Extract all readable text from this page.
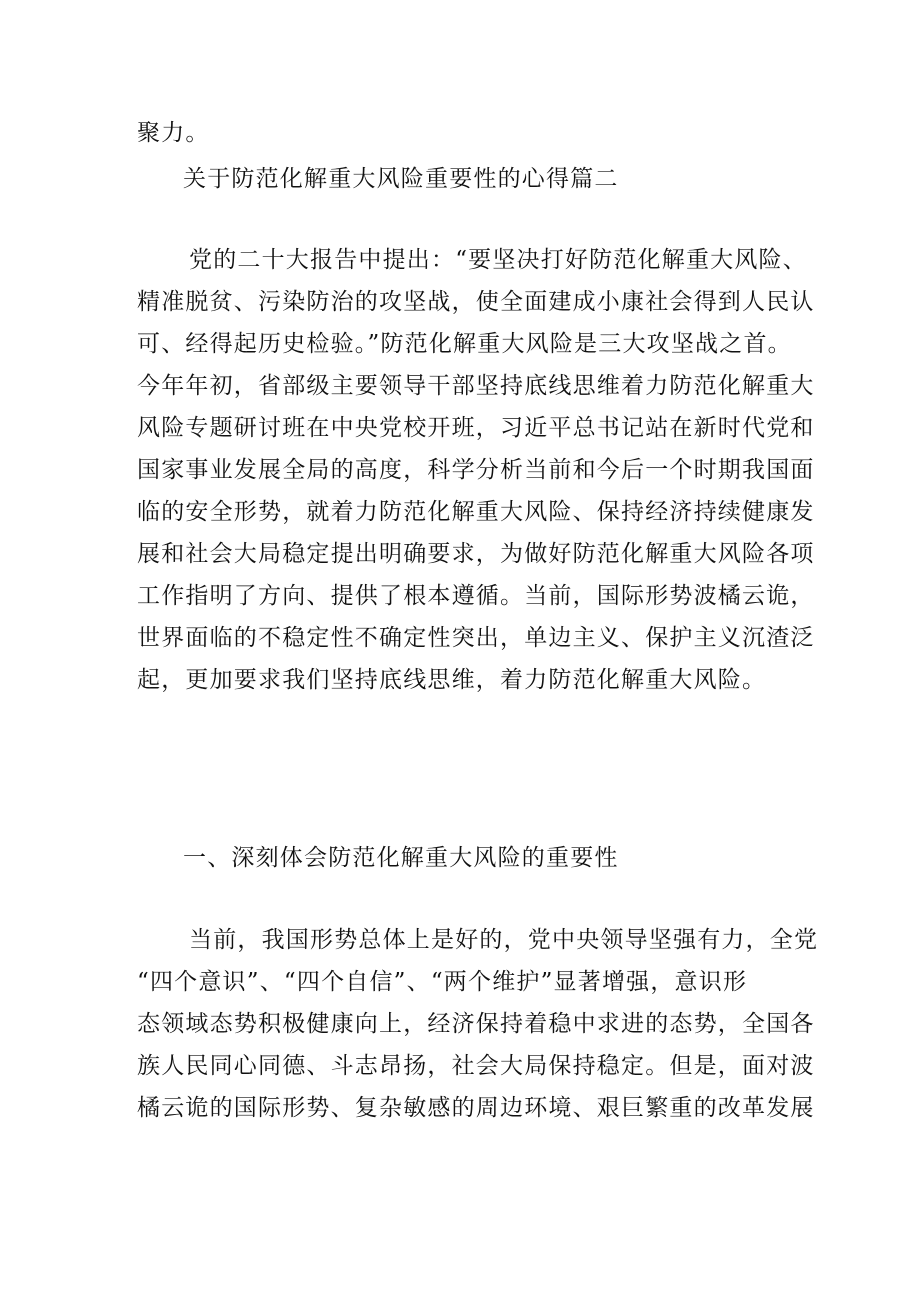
聚力。

关于防范化解重大风险重要性的心得篇二

党的二十大报告中提出：“要坚决打好防范化解重大风险、
精准脱贫、污染防治的攻坚战，使全面建成小康社会得到人民认
可、经得起历史检验。”防范化解重大风险是三大攻坚战之首。
今年年初，省部级主要领导干部坚持底线思维着力防范化解重大
风险专题研讨班在中央党校开班，习近平总书记站在新时代党和
国家事业发展全局的高度，科学分析当前和今后一个时期我国面
临的安全形势，就着力防范化解重大风险、保持经济持续健康发
展和社会大局稳定提出明确要求，为做好防范化解重大风险各项
工作指明了方向、提供了根本遵循。当前，国际形势波橘云诡，
世界面临的不稳定性不确定性突出，单边主义、保护主义沉渣泛
起，更加要求我们坚持底线思维，着力防范化解重大风险。

一、深刻体会防范化解重大风险的重要性

当前，我国形势总体上是好的，党中央领导坚强有力，全党
“四个意识”、“四个自信”、“两个维护”显著增强，意识形
态领域态势积极健康向上，经济保持着稳中求进的态势，全国各
族人民同心同德、斗志昂扬，社会大局保持稳定。但是，面对波
橘云诡的国际形势、复杂敏感的周边环境、艰巨繁重的改革发展
